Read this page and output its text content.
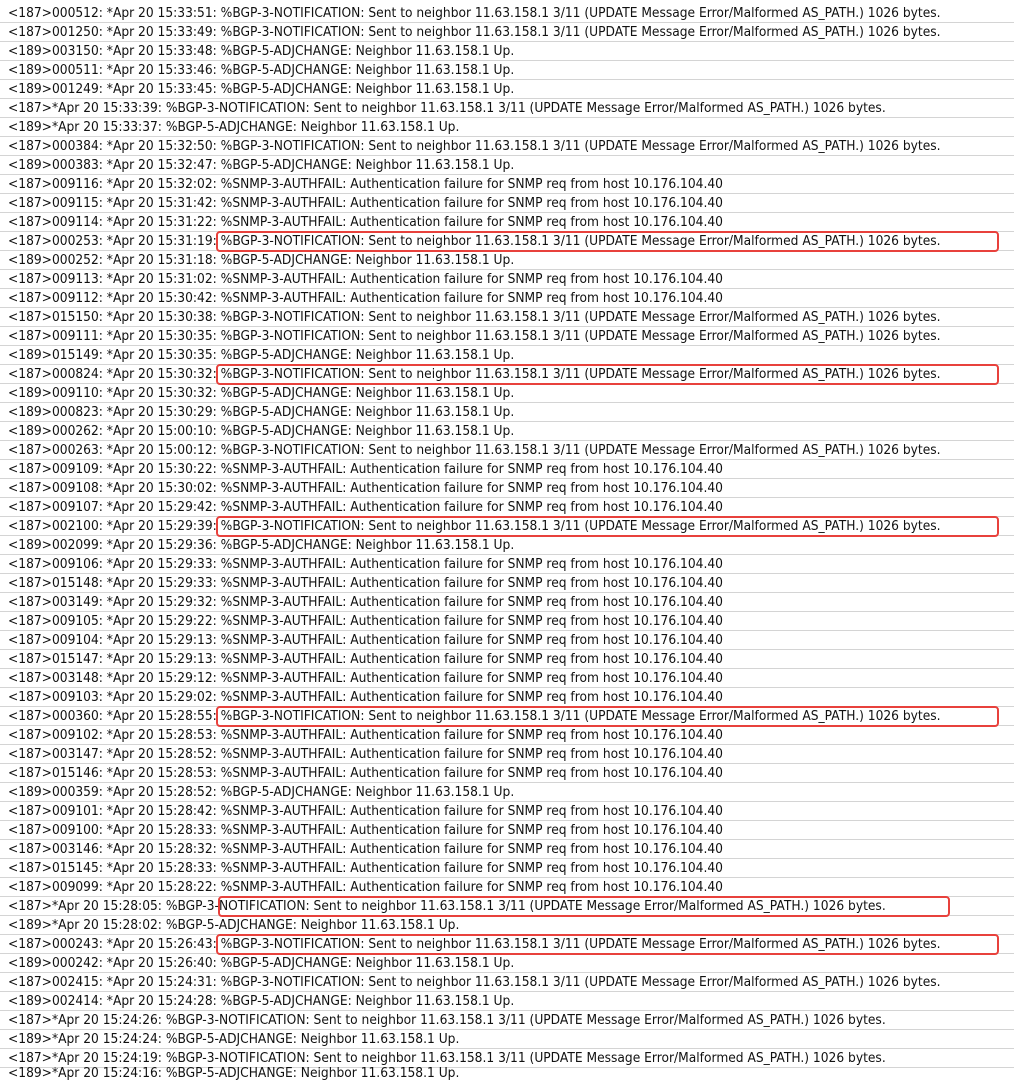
<187>000512: *Apr 20 15:33:51: %BGP-3-NOTIFICATION: Sent to neighbor 11.63.158.1 3/11 (UPDATE Message Error/Malformed AS_PATH.) 1026 bytes.
<187>001250: *Apr 20 15:33:49: %BGP-3-NOTIFICATION: Sent to neighbor 11.63.158.1 3/11 (UPDATE Message Error/Malformed AS_PATH.) 1026 bytes.
<189>003150: *Apr 20 15:33:48: %BGP-5-ADJCHANGE: Neighbor 11.63.158.1 Up.
<189>000511: *Apr 20 15:33:46: %BGP-5-ADJCHANGE: Neighbor 11.63.158.1 Up.
<189>001249: *Apr 20 15:33:45: %BGP-5-ADJCHANGE: Neighbor 11.63.158.1 Up.
<187>*Apr 20 15:33:39: %BGP-3-NOTIFICATION: Sent to neighbor 11.63.158.1 3/11 (UPDATE Message Error/Malformed AS_PATH.) 1026 bytes.
<189>*Apr 20 15:33:37: %BGP-5-ADJCHANGE: Neighbor 11.63.158.1 Up.
<187>000384: *Apr 20 15:32:50: %BGP-3-NOTIFICATION: Sent to neighbor 11.63.158.1 3/11 (UPDATE Message Error/Malformed AS_PATH.) 1026 bytes.
<189>000383: *Apr 20 15:32:47: %BGP-5-ADJCHANGE: Neighbor 11.63.158.1 Up.
<187>009116: *Apr 20 15:32:02: %SNMP-3-AUTHFAIL: Authentication failure for SNMP req from host 10.176.104.40
<187>009115: *Apr 20 15:31:42: %SNMP-3-AUTHFAIL: Authentication failure for SNMP req from host 10.176.104.40
<187>009114: *Apr 20 15:31:22: %SNMP-3-AUTHFAIL: Authentication failure for SNMP req from host 10.176.104.40
<187>000253: *Apr 20 15:31:19: %BGP-3-NOTIFICATION: Sent to neighbor 11.63.158.1 3/11 (UPDATE Message Error/Malformed AS_PATH.) 1026 bytes.
<189>000252: *Apr 20 15:31:18: %BGP-5-ADJCHANGE: Neighbor 11.63.158.1 Up.
<187>009113: *Apr 20 15:31:02: %SNMP-3-AUTHFAIL: Authentication failure for SNMP req from host 10.176.104.40
<187>009112: *Apr 20 15:30:42: %SNMP-3-AUTHFAIL: Authentication failure for SNMP req from host 10.176.104.40
<187>015150: *Apr 20 15:30:38: %BGP-3-NOTIFICATION: Sent to neighbor 11.63.158.1 3/11 (UPDATE Message Error/Malformed AS_PATH.) 1026 bytes.
<187>009111: *Apr 20 15:30:35: %BGP-3-NOTIFICATION: Sent to neighbor 11.63.158.1 3/11 (UPDATE Message Error/Malformed AS_PATH.) 1026 bytes.
<189>015149: *Apr 20 15:30:35: %BGP-5-ADJCHANGE: Neighbor 11.63.158.1 Up.
<187>000824: *Apr 20 15:30:32: %BGP-3-NOTIFICATION: Sent to neighbor 11.63.158.1 3/11 (UPDATE Message Error/Malformed AS_PATH.) 1026 bytes.
<189>009110: *Apr 20 15:30:32: %BGP-5-ADJCHANGE: Neighbor 11.63.158.1 Up.
<189>000823: *Apr 20 15:30:29: %BGP-5-ADJCHANGE: Neighbor 11.63.158.1 Up.
<189>000262: *Apr 20 15:00:10: %BGP-5-ADJCHANGE: Neighbor 11.63.158.1 Up.
<187>000263: *Apr 20 15:00:12: %BGP-3-NOTIFICATION: Sent to neighbor 11.63.158.1 3/11 (UPDATE Message Error/Malformed AS_PATH.) 1026 bytes.
<187>009109: *Apr 20 15:30:22: %SNMP-3-AUTHFAIL: Authentication failure for SNMP req from host 10.176.104.40
<187>009108: *Apr 20 15:30:02: %SNMP-3-AUTHFAIL: Authentication failure for SNMP req from host 10.176.104.40
<187>009107: *Apr 20 15:29:42: %SNMP-3-AUTHFAIL: Authentication failure for SNMP req from host 10.176.104.40
<187>002100: *Apr 20 15:29:39: %BGP-3-NOTIFICATION: Sent to neighbor 11.63.158.1 3/11 (UPDATE Message Error/Malformed AS_PATH.) 1026 bytes.
<189>002099: *Apr 20 15:29:36: %BGP-5-ADJCHANGE: Neighbor 11.63.158.1 Up.
<187>009106: *Apr 20 15:29:33: %SNMP-3-AUTHFAIL: Authentication failure for SNMP req from host 10.176.104.40
<187>015148: *Apr 20 15:29:33: %SNMP-3-AUTHFAIL: Authentication failure for SNMP req from host 10.176.104.40
<187>003149: *Apr 20 15:29:32: %SNMP-3-AUTHFAIL: Authentication failure for SNMP req from host 10.176.104.40
<187>009105: *Apr 20 15:29:22: %SNMP-3-AUTHFAIL: Authentication failure for SNMP req from host 10.176.104.40
<187>009104: *Apr 20 15:29:13: %SNMP-3-AUTHFAIL: Authentication failure for SNMP req from host 10.176.104.40
<187>015147: *Apr 20 15:29:13: %SNMP-3-AUTHFAIL: Authentication failure for SNMP req from host 10.176.104.40
<187>003148: *Apr 20 15:29:12: %SNMP-3-AUTHFAIL: Authentication failure for SNMP req from host 10.176.104.40
<187>009103: *Apr 20 15:29:02: %SNMP-3-AUTHFAIL: Authentication failure for SNMP req from host 10.176.104.40
<187>000360: *Apr 20 15:28:55: %BGP-3-NOTIFICATION: Sent to neighbor 11.63.158.1 3/11 (UPDATE Message Error/Malformed AS_PATH.) 1026 bytes.
<187>009102: *Apr 20 15:28:53: %SNMP-3-AUTHFAIL: Authentication failure for SNMP req from host 10.176.104.40
<187>003147: *Apr 20 15:28:52: %SNMP-3-AUTHFAIL: Authentication failure for SNMP req from host 10.176.104.40
<187>015146: *Apr 20 15:28:53: %SNMP-3-AUTHFAIL: Authentication failure for SNMP req from host 10.176.104.40
<189>000359: *Apr 20 15:28:52: %BGP-5-ADJCHANGE: Neighbor 11.63.158.1 Up.
<187>009101: *Apr 20 15:28:42: %SNMP-3-AUTHFAIL: Authentication failure for SNMP req from host 10.176.104.40
<187>009100: *Apr 20 15:28:33: %SNMP-3-AUTHFAIL: Authentication failure for SNMP req from host 10.176.104.40
<187>003146: *Apr 20 15:28:32: %SNMP-3-AUTHFAIL: Authentication failure for SNMP req from host 10.176.104.40
<187>015145: *Apr 20 15:28:33: %SNMP-3-AUTHFAIL: Authentication failure for SNMP req from host 10.176.104.40
<187>009099: *Apr 20 15:28:22: %SNMP-3-AUTHFAIL: Authentication failure for SNMP req from host 10.176.104.40
<187>*Apr 20 15:28:05: %BGP-3-NOTIFICATION: Sent to neighbor 11.63.158.1 3/11 (UPDATE Message Error/Malformed AS_PATH.) 1026 bytes.
<189>*Apr 20 15:28:02: %BGP-5-ADJCHANGE: Neighbor 11.63.158.1 Up.
<187>000243: *Apr 20 15:26:43: %BGP-3-NOTIFICATION: Sent to neighbor 11.63.158.1 3/11 (UPDATE Message Error/Malformed AS_PATH.) 1026 bytes.
<189>000242: *Apr 20 15:26:40: %BGP-5-ADJCHANGE: Neighbor 11.63.158.1 Up.
<187>002415: *Apr 20 15:24:31: %BGP-3-NOTIFICATION: Sent to neighbor 11.63.158.1 3/11 (UPDATE Message Error/Malformed AS_PATH.) 1026 bytes.
<189>002414: *Apr 20 15:24:28: %BGP-5-ADJCHANGE: Neighbor 11.63.158.1 Up.
<187>*Apr 20 15:24:26: %BGP-3-NOTIFICATION: Sent to neighbor 11.63.158.1 3/11 (UPDATE Message Error/Malformed AS_PATH.) 1026 bytes.
<189>*Apr 20 15:24:24: %BGP-5-ADJCHANGE: Neighbor 11.63.158.1 Up.
<187>*Apr 20 15:24:19: %BGP-3-NOTIFICATION: Sent to neighbor 11.63.158.1 3/11 (UPDATE Message Error/Malformed AS_PATH.) 1026 bytes.
<189>*Apr 20 15:24:16: %BGP-5-ADJCHANGE: Neighbor 11.63.158.1 Up.
